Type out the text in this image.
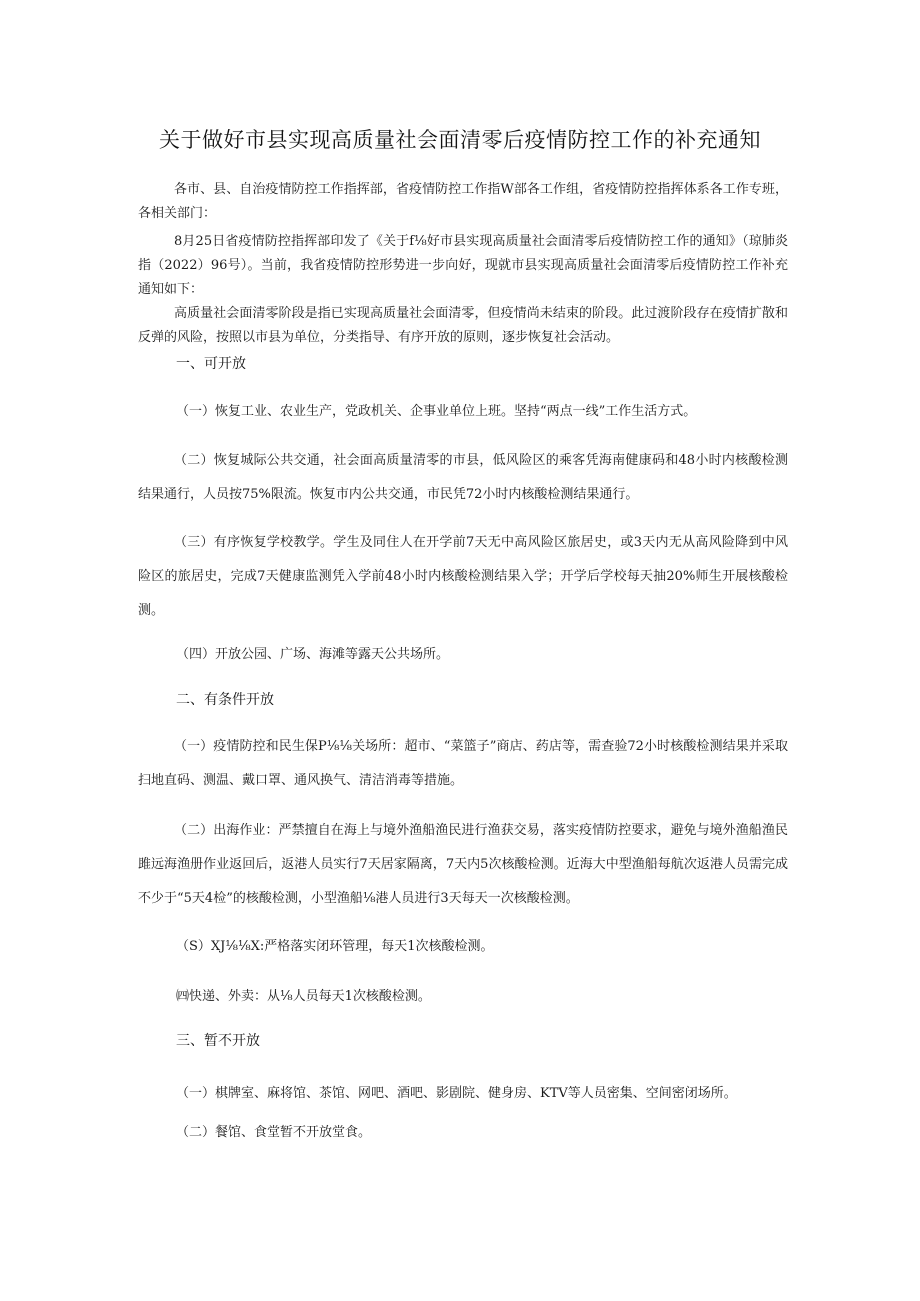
关于做好市县实现高质量社会面清零后疫情防控工作的补充通知
各市、县、自治疫情防控工作指挥部，省疫情防控工作指W部各工作组，省疫情防控指挥体系各工作专班，各相关部门：
8月25日省疫情防控指挥部印发了《关于f⅛好市县实现高质量社会面清零后疫情防控工作的通知》（琼肺炎指（2022）96号）。当前，我省疫情防控形势进一步向好，现就市县实现高质量社会面清零后疫情防控工作补充通知如下：
高质量社会面清零阶段是指已实现高质量社会面清零，但疫情尚未结束的阶段。此过渡阶段存在疫情扩散和反弹的风险，按照以市县为单位，分类指导、有序开放的原则，逐步恢复社会活动。
一、可开放
（一）恢复工业、农业生产，党政机关、企事业单位上班。坚持“两点一线”工作生活方式。
（二）恢复城际公共交通，社会面高质量清零的市县，低风险区的乘客凭海南健康码和48小时内核酸检测结果通行，人员按75%限流。恢复市内公共交通，市民凭72小时内核酸检测结果通行。
（三）有序恢复学校教学。学生及同住人在开学前7天无中高风险区旅居史，或3天内无从高风险降到中风险区的旅居史，完成7天健康监测凭入学前48小时内核酸检测结果入学；开学后学校每天抽20%师生开展核酸检测。
（四）开放公园、广场、海滩等露天公共场所。
二、有条件开放
（一）疫情防控和民生保P⅛⅛关场所：超市、“菜篮子”商店、药店等，需查验72小时核酸检测结果并采取扫地直码、测温、戴口罩、通风换气、清洁消毒等措施。
（二）出海作业：严禁擅自在海上与境外渔船渔民进行渔获交易，落实疫情防控要求，避免与境外渔船渔民雎远海渔册作业返回后，返港人员实行7天居家隔离，7天内5次核酸检测。近海大中型渔船每航次返港人员需完成不少于“5天4检”的核酸检测，小型渔船⅛港人员进行3天每天一次核酸检测。
（S）XJ⅛⅛X:严格落实闭环管理，每天1次核酸检测。
㈣快递、外卖：从⅛人员每天1次核酸检测。
三、暂不开放
（一）棋牌室、麻将馆、茶馆、网吧、酒吧、影剧院、健身房、KTV等人员密集、空间密闭场所。
（二）餐馆、食堂暂不开放堂食。
